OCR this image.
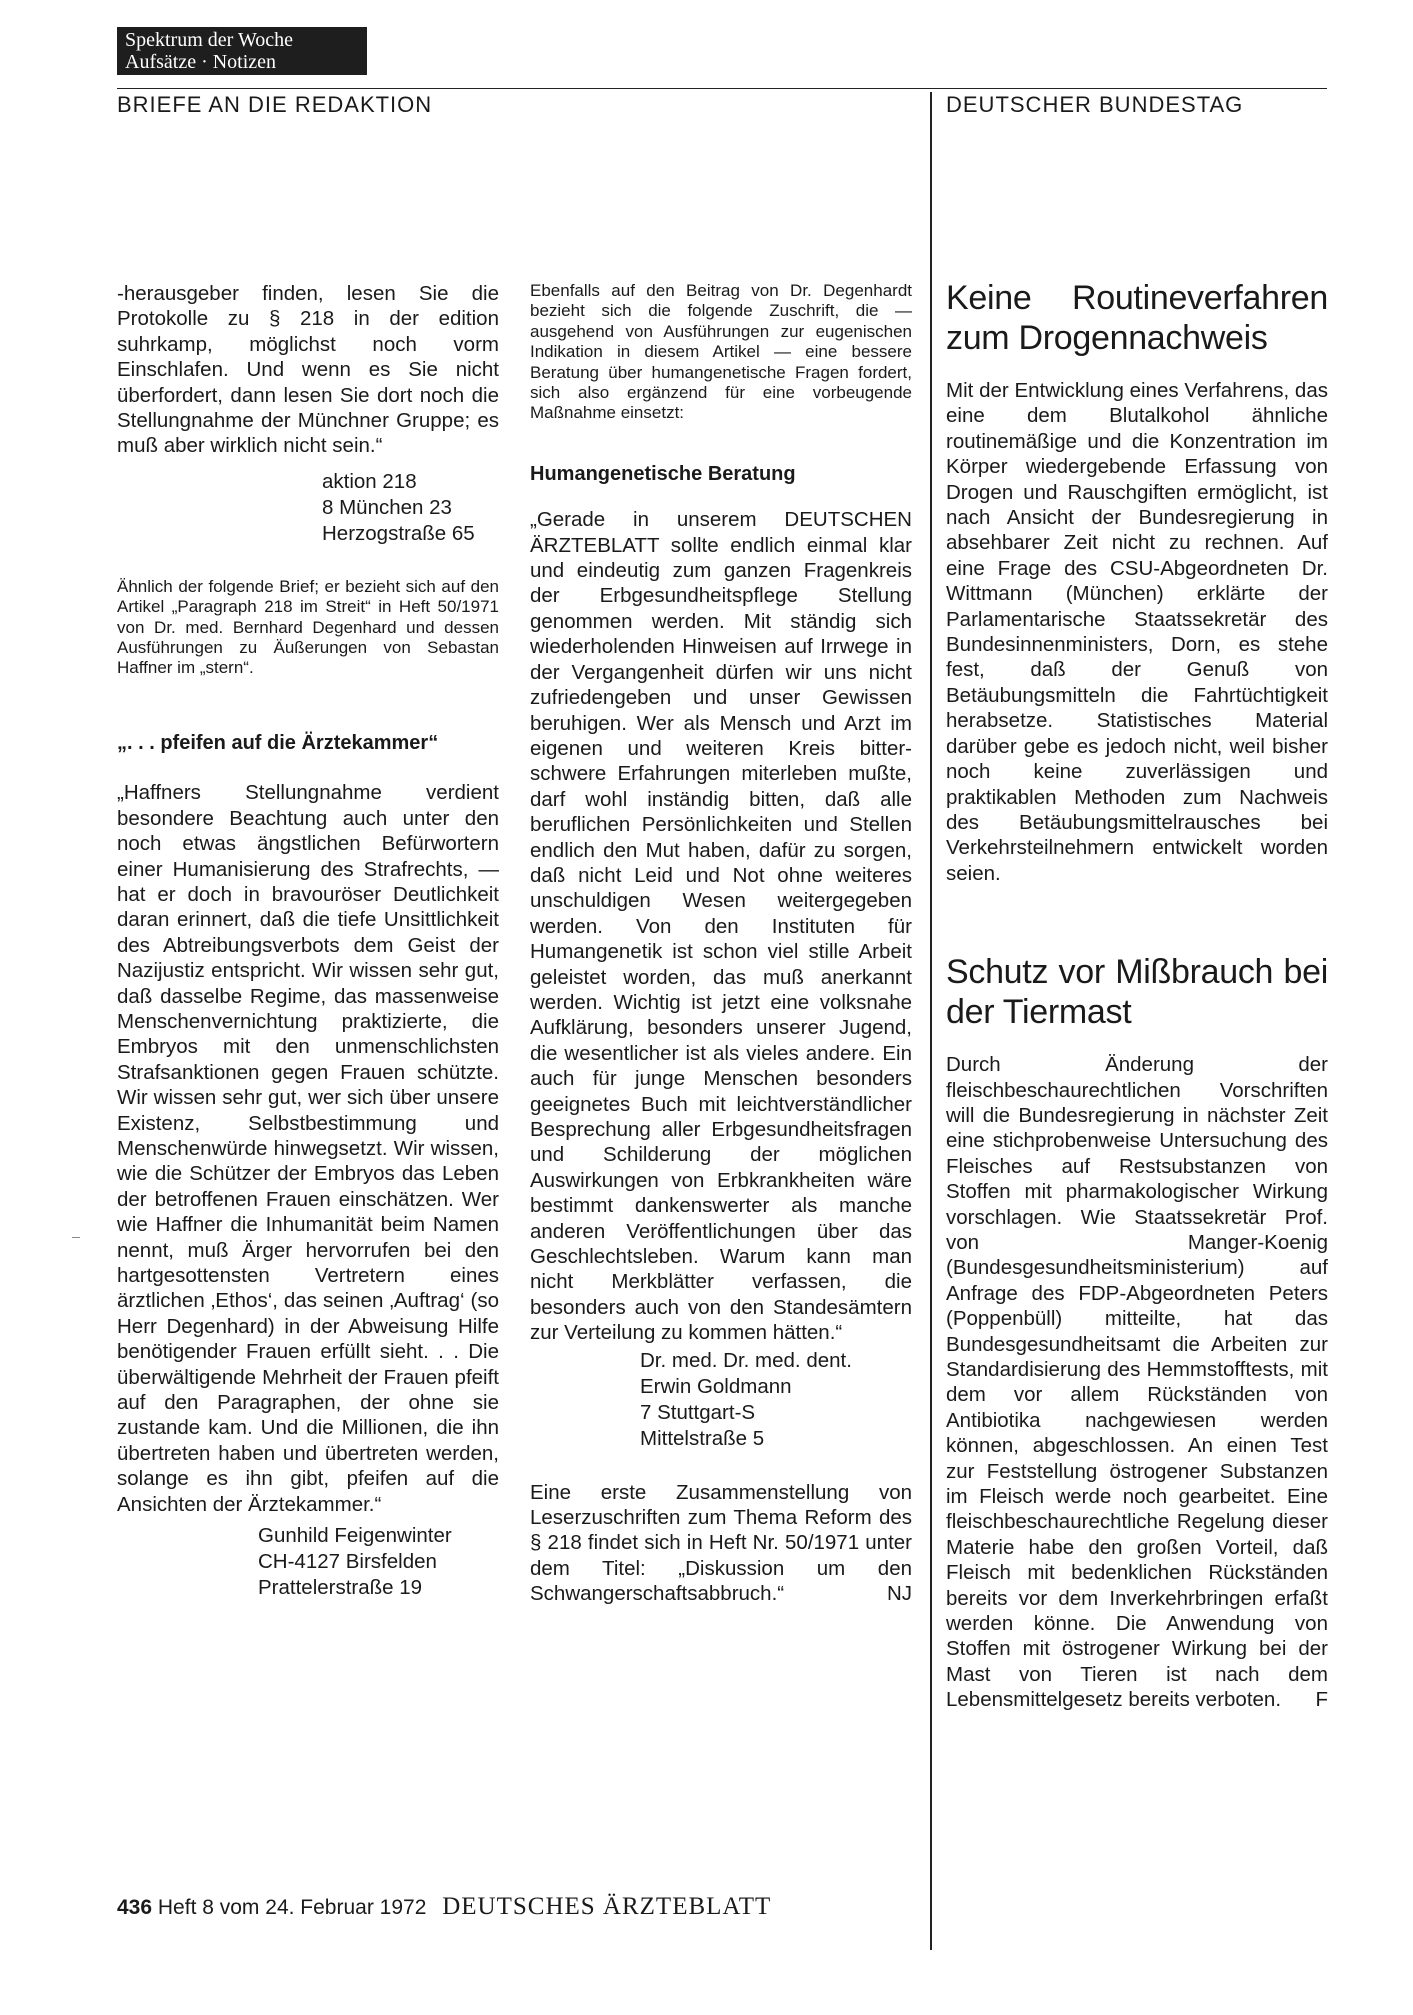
Spektrum der Woche
Aufsätze · Notizen
BRIEFE AN DIE REDAKTION	DEUTSCHER BUNDESTAG

-herausgeber finden, lesen Sie die Protokolle zu § 218 in der edition suhrkamp, möglichst noch vorm Einschlafen. Und wenn es Sie nicht überfordert, dann lesen Sie dort noch die Stellungnahme der Münchner Gruppe; es muß aber wirklich nicht sein.“

aktion 218
8 München 23
Herzogstraße 65

Ähnlich der folgende Brief; er bezieht sich auf den Artikel „Paragraph 218 im Streit“ in Heft 50/1971 von Dr. med. Bernhard Degenhard und dessen Ausführungen zu Äußerungen von Sebastan Haffner im „stern“.

„. . . pfeifen auf die Ärztekammer“

„Haffners Stellungnahme verdient besondere Beachtung auch unter den noch etwas ängstlichen Befürwortern einer Humanisierung des Strafrechts, — hat er doch in bravouröser Deutlichkeit daran erinnert, daß die tiefe Unsittlichkeit des Abtreibungsverbots dem Geist der Nazijustiz entspricht. Wir wissen sehr gut, daß dasselbe Regime, das massenweise Menschenvernichtung praktizierte, die Embryos mit den unmenschlichsten Strafsanktionen gegen Frauen schützte. Wir wissen sehr gut, wer sich über unsere Existenz, Selbstbestimmung und Menschenwürde hinwegsetzt. Wir wissen, wie die Schützer der Embryos das Leben der betroffenen Frauen einschätzen. Wer wie Haffner die Inhumanität beim Namen nennt, muß Ärger hervorrufen bei den hartgesottensten Vertretern eines ärztlichen ‚Ethos‘, das seinen ‚Auftrag‘ (so Herr Degenhard) in der Abweisung Hilfe benötigender Frauen erfüllt sieht. . . Die überwältigende Mehrheit der Frauen pfeift auf den Paragraphen, der ohne sie zustande kam. Und die Millionen, die ihn übertreten haben und übertreten werden, solange es ihn gibt, pfeifen auf die Ansichten der Ärztekammer.“

Gunhild Feigenwinter
CH-4127 Birsfelden
Prattelerstraße 19

Ebenfalls auf den Beitrag von Dr. Degenhardt bezieht sich die folgende Zuschrift, die — ausgehend von Ausführungen zur eugenischen Indikation in diesem Artikel — eine bessere Beratung über humangenetische Fragen fordert, sich also ergänzend für eine vorbeugende Maßnahme einsetzt:

Humangenetische Beratung

„Gerade in unserem DEUTSCHEN ÄRZTEBLATT sollte endlich einmal klar und eindeutig zum ganzen Fragenkreis der Erbgesundheitspflege Stellung genommen werden. Mit ständig sich wiederholenden Hinweisen auf Irrwege in der Vergangenheit dürfen wir uns nicht zufriedengeben und unser Gewissen beruhigen. Wer als Mensch und Arzt im eigenen und weiteren Kreis bitter-schwere Erfahrungen miterleben mußte, darf wohl inständig bitten, daß alle beruflichen Persönlichkeiten und Stellen endlich den Mut haben, dafür zu sorgen, daß nicht Leid und Not ohne weiteres unschuldigen Wesen weitergegeben werden. Von den Instituten für Humangenetik ist schon viel stille Arbeit geleistet worden, das muß anerkannt werden. Wichtig ist jetzt eine volksnahe Aufklärung, besonders unserer Jugend, die wesentlicher ist als vieles andere. Ein auch für junge Menschen besonders geeignetes Buch mit leichtverständlicher Besprechung aller Erbgesundheitsfragen und Schilderung der möglichen Auswirkungen von Erbkrankheiten wäre bestimmt dankenswerter als manche anderen Veröffentlichungen über das Geschlechtsleben. Warum kann man nicht Merkblätter verfassen, die besonders auch von den Standesämtern zur Verteilung zu kommen hätten.“

Dr. med. Dr. med. dent.
Erwin Goldmann
7 Stuttgart-S
Mittelstraße 5

Eine erste Zusammenstellung von Leserzuschriften zum Thema Reform des § 218 findet sich in Heft Nr. 50/1971 unter dem Titel: „Diskussion um den Schwangerschaftsabbruch.“	NJ

Keine Routineverfahren zum Drogennachweis

Mit der Entwicklung eines Verfahrens, das eine dem Blutalkohol ähnliche routinemäßige und die Konzentration im Körper wiedergebende Erfassung von Drogen und Rauschgiften ermöglicht, ist nach Ansicht der Bundesregierung in absehbarer Zeit nicht zu rechnen. Auf eine Frage des CSU-Abgeordneten Dr. Wittmann (München) erklärte der Parlamentarische Staatssekretär des Bundesinnenministers, Dorn, es stehe fest, daß der Genuß von Betäubungsmitteln die Fahrtüchtigkeit herabsetze. Statistisches Material darüber gebe es jedoch nicht, weil bisher noch keine zuverlässigen und praktikablen Methoden zum Nachweis des Betäubungsmittelrausches bei Verkehrsteilnehmern entwickelt worden seien.

Schutz vor Mißbrauch bei der Tiermast

Durch Änderung der fleischbeschaurechtlichen Vorschriften will die Bundesregierung in nächster Zeit eine stichprobenweise Untersuchung des Fleisches auf Restsubstanzen von Stoffen mit pharmakologischer Wirkung vorschlagen. Wie Staatssekretär Prof. von Manger-Koenig (Bundesgesundheitsministerium) auf Anfrage des FDP-Abgeordneten Peters (Poppenbüll) mitteilte, hat das Bundesgesundheitsamt die Arbeiten zur Standardisierung des Hemmstofftests, mit dem vor allem Rückständen von Antibiotika nachgewiesen werden können, abgeschlossen. An einen Test zur Feststellung östrogener Substanzen im Fleisch werde noch gearbeitet. Eine fleischbeschaurechtliche Regelung dieser Materie habe den großen Vorteil, daß Fleisch mit bedenklichen Rückständen bereits vor dem Inverkehrbringen erfaßt werden könne. Die Anwendung von Stoffen mit östrogener Wirkung bei der Mast von Tieren ist nach dem Lebensmittelgesetz bereits verboten. F

436 Heft 8 vom 24. Februar 1972 DEUTSCHES ÄRZTEBLATT
